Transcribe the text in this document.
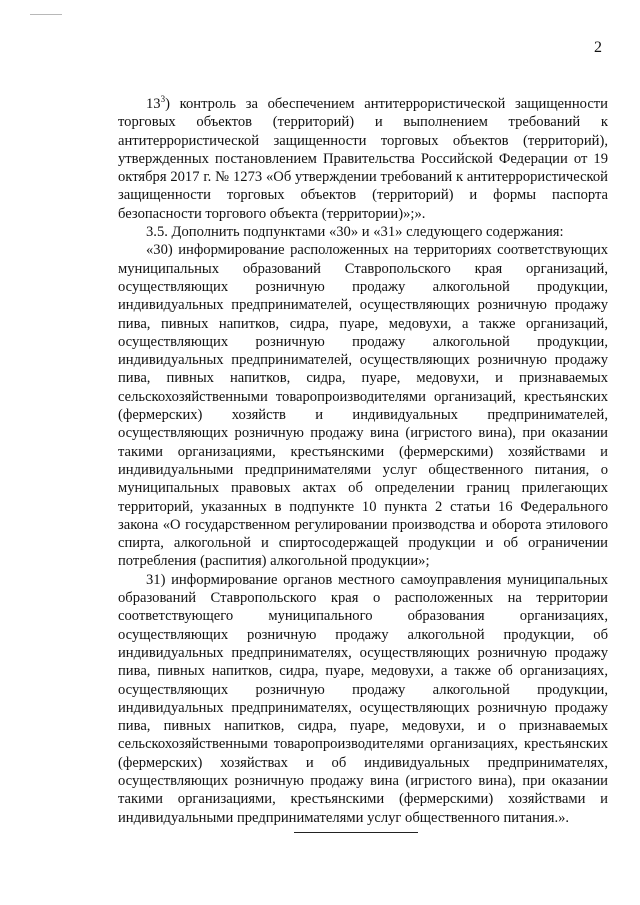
2

$13^3$) контроль за обеспечением антитеррористической защищенности торговых объектов (территорий) и выполнением требований к антитеррористической защищенности торговых объектов (территорий), утвержденных постановлением Правительства Российской Федерации от 19 октября 2017 г. № 1273 «Об утверждении требований к антитеррористической защищенности торговых объектов (территорий) и формы паспорта безопасности торгового объекта (территории)»;».

3.5. Дополнить подпунктами «30» и «31» следующего содержания:

«30) информирование расположенных на территориях соответствующих муниципальных образований Ставропольского края организаций, осуществляющих розничную продажу алкогольной продукции, индивидуальных предпринимателей, осуществляющих розничную продажу пива, пивных напитков, сидра, пуаре, медовухи, а также организаций, осуществляющих розничную продажу алкогольной продукции, индивидуальных предпринимателей, осуществляющих розничную продажу пива, пивных напитков, сидра, пуаре, медовухи, и признаваемых сельскохозяйственными товаропроизводителями организаций, крестьянских (фермерских) хозяйств и индивидуальных предпринимателей, осуществляющих розничную продажу вина (игристого вина), при оказании такими организациями, крестьянскими (фермерскими) хозяйствами и индивидуальными предпринимателями услуг общественного питания, о муниципальных правовых актах об определении границ прилегающих территорий, указанных в подпункте 10 пункта 2 статьи 16 Федерального закона «О государственном регулировании производства и оборота этилового спирта, алкогольной и спиртосодержащей продукции и об ограничении потребления (распития) алкогольной продукции»;

31) информирование органов местного самоуправления муниципальных образований Ставропольского края о расположенных на территории соответствующего муниципального образования организациях, осуществляющих розничную продажу алкогольной продукции, об индивидуальных предпринимателях, осуществляющих розничную продажу пива, пивных напитков, сидра, пуаре, медовухи, а также об организациях, осуществляющих розничную продажу алкогольной продукции, индивидуальных предпринимателях, осуществляющих розничную продажу пива, пивных напитков, сидра, пуаре, медовухи, и о признаваемых сельскохозяйственными товаропроизводителями организациях, крестьянских (фермерских) хозяйствах и об индивидуальных предпринимателях, осуществляющих розничную продажу вина (игристого вина), при оказании такими организациями, крестьянскими (фермерскими) хозяйствами и индивидуальными предпринимателями услуг общественного питания.».
